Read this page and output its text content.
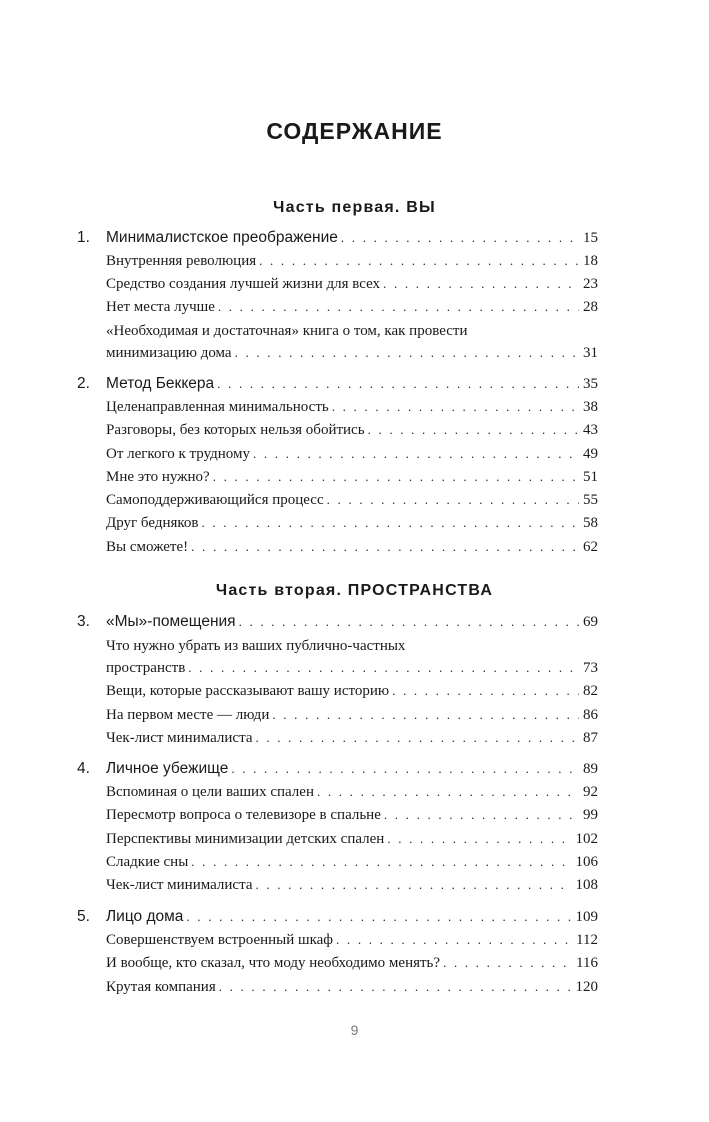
СОДЕРЖАНИЕ
Часть первая. ВЫ
1. Минималистское преображение . . .	15
Внутренняя революция . . .	18
Средство создания лучшей жизни для всех . . .	23
Нет места лучше . . .	28
«Необходимая и достаточная» книга о том, как провести
минимизацию дома . . .	31
2. Метод Беккера . . .	35
Целенаправленная минимальность . . .	38
Разговоры, без которых нельзя обойтись . . .	43
От легкого к трудному . . .	49
Мне это нужно? . . .	51
Самоподдерживающийся процесс . . .	55
Друг бедняков . . .	58
Вы сможете! . . .	62
Часть вторая. ПРОСТРАНСТВА
3. «Мы»-помещения . . .	69
Что нужно убрать из ваших публично-частных
пространств . . .	73
Вещи, которые рассказывают вашу историю . . .	82
На первом месте — люди . . .	86
Чек-лист минималиста . . .	87
4. Личное убежище . . .	89
Вспоминая о цели ваших спален . . .	92
Пересмотр вопроса о телевизоре в спальне . . .	99
Перспективы минимизации детских спален . . .	102
Сладкие сны . . .	106
Чек-лист минималиста . . .	108
5. Лицо дома . . .	109
Совершенствуем встроенный шкаф . . .	112
И вообще, кто сказал, что моду необходимо менять? . . .	116
Крутая компания . . .	120
9
